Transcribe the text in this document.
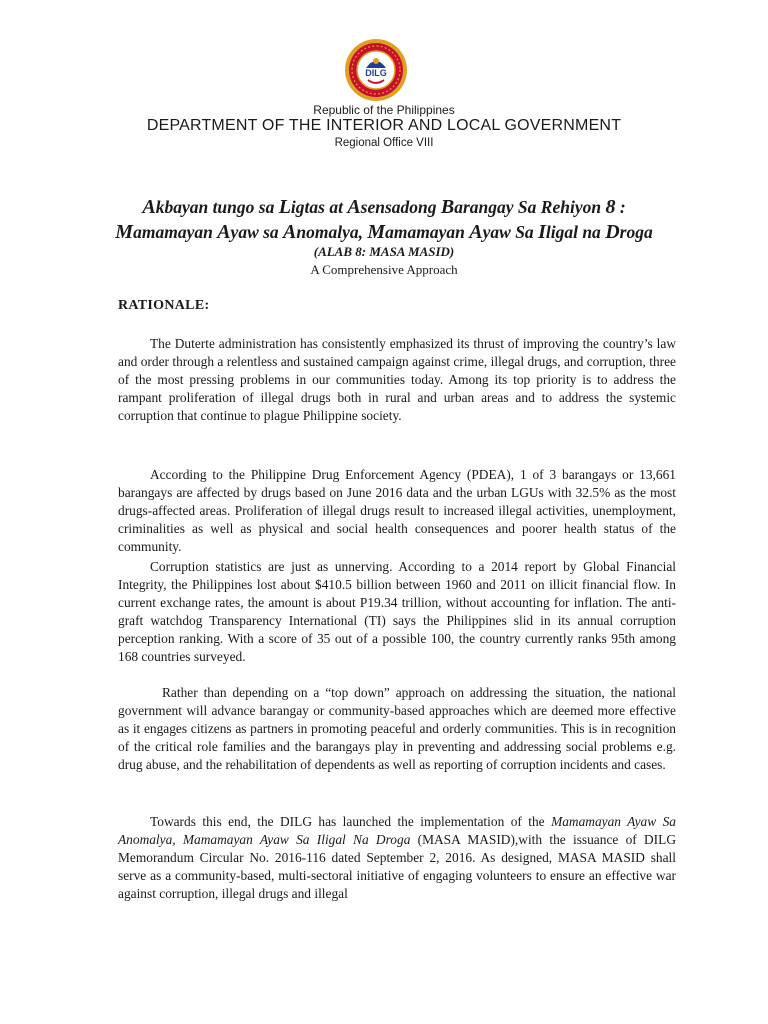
DILG
Republic of the Philippines
DEPARTMENT OF THE INTERIOR AND LOCAL GOVERNMENT
Regional Office VIII
Akbayan tungo sa Ligtas at Asensadong Barangay Sa Rehiyon 8 :
Mamamayan Ayaw sa Anomalya, Mamamayan Ayaw Sa Iligal na Droga
(ALAB 8: MASA MASID)
A Comprehensive Approach
RATIONALE:
The Duterte administration has consistently emphasized its thrust of improving the country’s law and order through a relentless and sustained campaign against crime, illegal drugs, and corruption, three of the most pressing problems in our communities today. Among its top priority is to address the rampant proliferation of illegal drugs both in rural and urban areas and to address the systemic corruption that continue to plague Philippine society.
According to the Philippine Drug Enforcement Agency (PDEA), 1 of 3 barangays or 13,661 barangays are affected by drugs based on June 2016 data and the urban LGUs with 32.5% as the most drugs-affected areas. Proliferation of illegal drugs result to increased illegal activities, unemployment, criminalities as well as physical and social health consequences and poorer health status of the community.
Corruption statistics are just as unnerving. According to a 2014 report by Global Financial Integrity, the Philippines lost about $410.5 billion between 1960 and 2011 on illicit financial flow. In current exchange rates, the amount is about P19.34 trillion, without accounting for inflation. The anti-graft watchdog Transparency International (TI) says the Philippines slid in its annual corruption perception ranking. With a score of 35 out of a possible 100, the country currently ranks 95th among 168 countries surveyed.
Rather than depending on a “top down” approach on addressing the situation, the national government will advance barangay or community-based approaches which are deemed more effective as it engages citizens as partners in promoting peaceful and orderly communities. This is in recognition of the critical role families and the barangays play in preventing and addressing social problems e.g. drug abuse, and the rehabilitation of dependents as well as reporting of corruption incidents and cases.
Towards this end, the DILG has launched the implementation of the Mamamayan Ayaw Sa Anomalya, Mamamayan Ayaw Sa Iligal Na Droga (MASA MASID),with the issuance of DILG Memorandum Circular No. 2016-116 dated September 2, 2016. As designed, MASA MASID shall serve as a community-based, multi-sectoral initiative of engaging volunteers to ensure an effective war against corruption, illegal drugs and illegal
